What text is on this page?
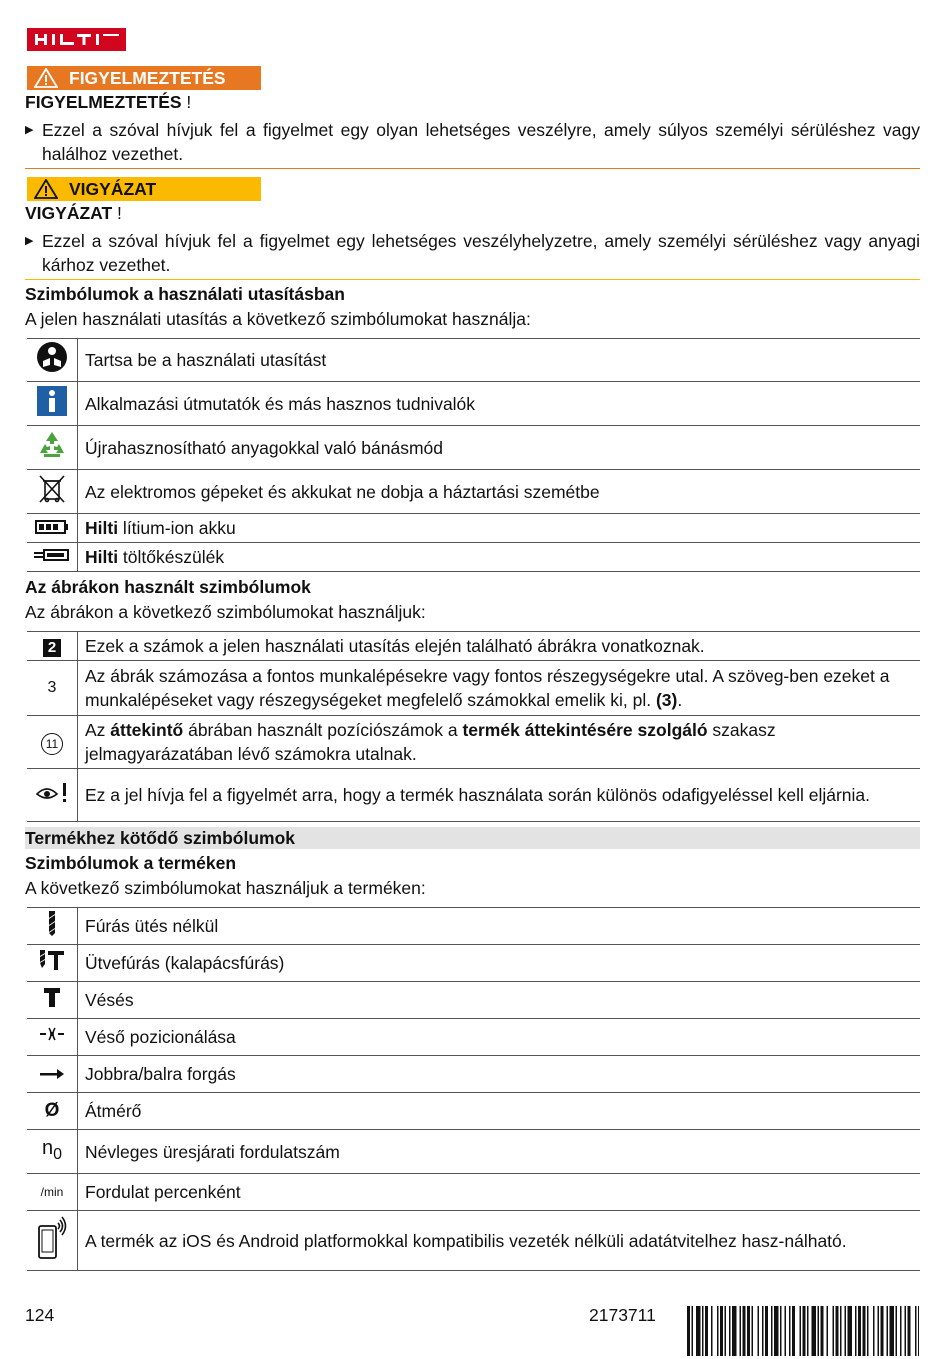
FIGYELMEZTETÉS
FIGYELMEZTETÉS !
▶ Ezzel a szóval hívjuk fel a figyelmet egy olyan lehetséges veszélyre, amely súlyos személyi sérüléshez vagy halálhoz vezethet.
VIGYÁZAT
VIGYÁZAT !
▶ Ezzel a szóval hívjuk fel a figyelmet egy lehetséges veszélyhelyzetre, amely személyi sérüléshez vagy anyagi kárhoz vezethet.
Szimbólumok a használati utasításban
A jelen használati utasítás a következő szimbólumokat használja:
	Tartsa be a használati utasítást
	Alkalmazási útmutatók és más hasznos tudnivalók
	Újrahasznosítható anyagokkal való bánásmód
	Az elektromos gépeket és akkukat ne dobja a háztartási szemétbe
	Hilti lítium-ion akku
	Hilti töltőkészülék
Az ábrákon használt szimbólumok
Az ábrákon a következő szimbólumokat használjuk:
2	Ezek a számok a jelen használati utasítás elején található ábrákra vonatkoznak.
3	Az ábrák számozása a fontos munkalépésekre vagy fontos részegységekre utal. A szöveg-ben ezeket a munkalépéseket vagy részegységeket megfelelő számokkal emelik ki, pl. (3).
11	Az áttekintő ábrában használt pozíciószámok a termék áttekintésére szolgáló szakasz jelmagyarázatában lévő számokra utalnak.
	Ez a jel hívja fel a figyelmét arra, hogy a termék használata során különös odafigyeléssel kell eljárnia.
Termékhez kötődő szimbólumok
Szimbólumok a terméken
A következő szimbólumokat használjuk a terméken:
	Fúrás ütés nélkül
	Ütvefúrás (kalapácsfúrás)
	Vésés
	Véső pozicionálása
	Jobbra/balra forgás
Ø	Átmérő
$n_0$	Névleges üresjárati fordulatszám
/min	Fordulat percenként
	A termék az iOS és Android platformokkal kompatibilis vezeték nélküli adatátvitelhez hasz-nálható.
124	2173711
